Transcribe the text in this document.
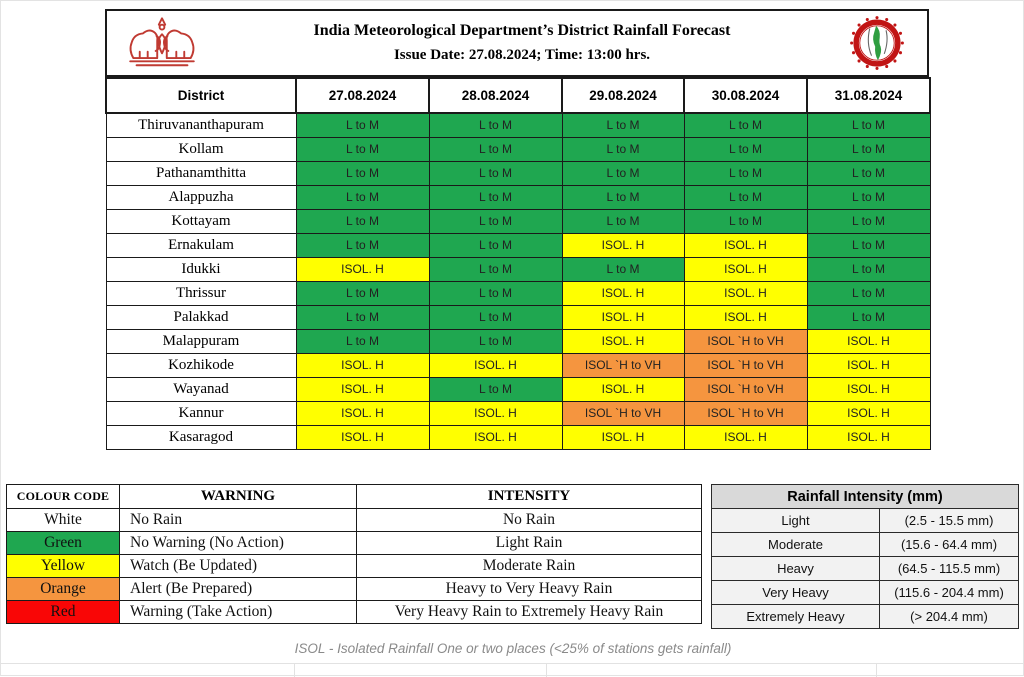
India Meteorological Department’s District Rainfall Forecast
Issue Date: 27.08.2024; Time: 13:00 hrs.
District	27.08.2024	28.08.2024	29.08.2024	30.08.2024	31.08.2024
Thiruvananthapuram	L to M	L to M	L to M	L to M	L to M
Kollam	L to M	L to M	L to M	L to M	L to M
Pathanamthitta	L to M	L to M	L to M	L to M	L to M
Alappuzha	L to M	L to M	L to M	L to M	L to M
Kottayam	L to M	L to M	L to M	L to M	L to M
Ernakulam	L to M	L to M	ISOL. H	ISOL. H	L to M
Idukki	ISOL. H	L to M	L to M	ISOL. H	L to M
Thrissur	L to M	L to M	ISOL. H	ISOL. H	L to M
Palakkad	L to M	L to M	ISOL. H	ISOL. H	L to M
Malappuram	L to M	L to M	ISOL. H	ISOL `H to VH	ISOL. H
Kozhikode	ISOL. H	ISOL. H	ISOL `H to VH	ISOL `H to VH	ISOL. H
Wayanad	ISOL. H	L to M	ISOL. H	ISOL `H to VH	ISOL. H
Kannur	ISOL. H	ISOL. H	ISOL `H to VH	ISOL `H to VH	ISOL. H
Kasaragod	ISOL. H	ISOL. H	ISOL. H	ISOL. H	ISOL. H
COLOUR CODE	WARNING	INTENSITY
White	No Rain	No Rain
Green	No Warning (No Action)	Light Rain
Yellow	Watch (Be Updated)	Moderate Rain
Orange	Alert (Be Prepared)	Heavy to Very Heavy Rain
Red	Warning (Take Action)	Very Heavy Rain to Extremely Heavy Rain
Rainfall Intensity (mm)	
Light	(2.5 - 15.5 mm)
Moderate	(15.6 - 64.4 mm)
Heavy	(64.5 - 115.5 mm)
Very Heavy	(115.6 - 204.4 mm)
Extremely Heavy	(> 204.4 mm)
ISOL - Isolated Rainfall One or two places (<25% of stations gets rainfall)
